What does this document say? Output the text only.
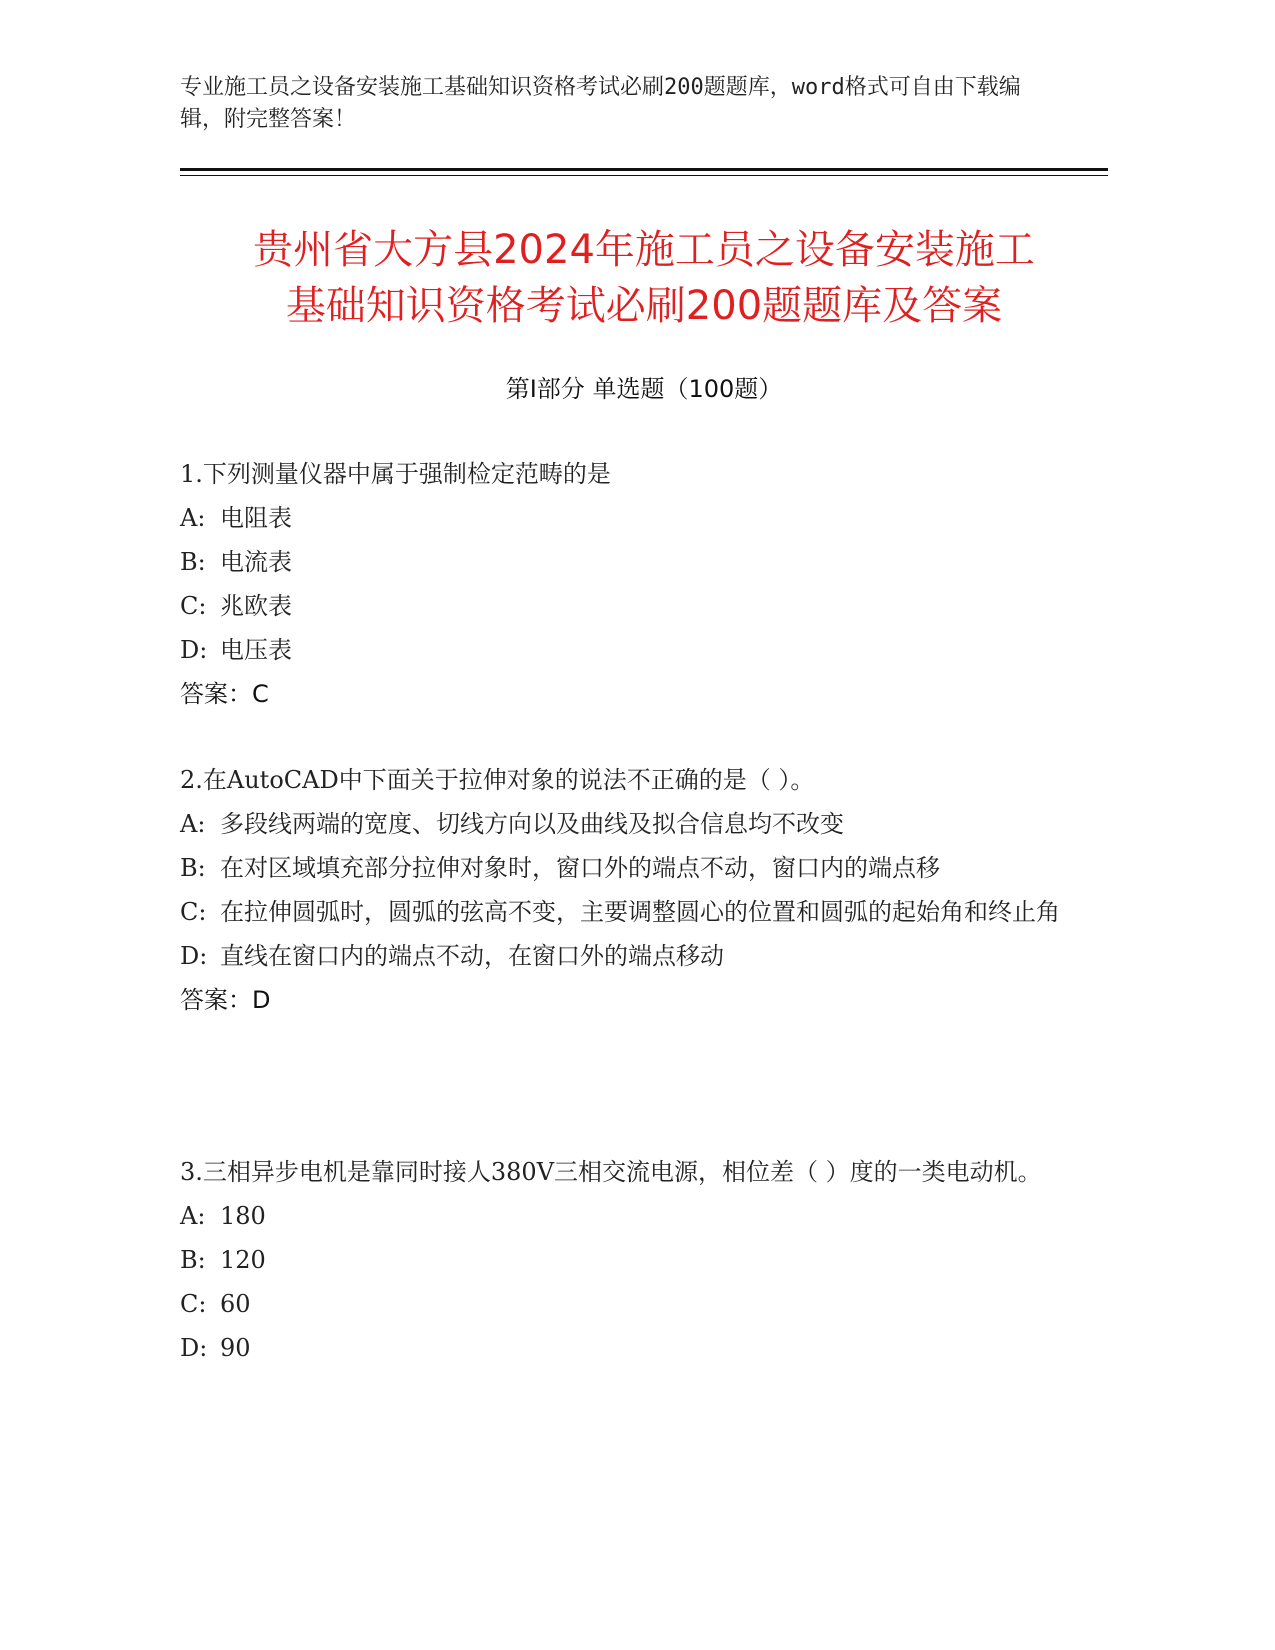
专业施工员之设备安装施工基础知识资格考试必刷200题题库，word格式可自由下载编辑，附完整答案！
贵州省大方县2024年施工员之设备安装施工
基础知识资格考试必刷200题题库及答案
第Ⅰ部分 单选题（100题）

1.下列测量仪器中属于强制检定范畴的是

A: 电阻表

B: 电流表

C: 兆欧表

D: 电压表

答案：C

2.在AutoCAD中下面关于拉伸对象的说法不正确的是（ ）。

A: 多段线两端的宽度、切线方向以及曲线及拟合信息均不改变

B: 在对区域填充部分拉伸对象时，窗口外的端点不动，窗口内的端点移

C: 在拉伸圆弧时，圆弧的弦高不变，主要调整圆心的位置和圆弧的起始角和终止角

D: 直线在窗口内的端点不动，在窗口外的端点移动

答案：D

3.三相异步电机是靠同时接人380V三相交流电源，相位差（ ）度的一类电动机。

A: 180

B: 120

C: 60

D: 90
